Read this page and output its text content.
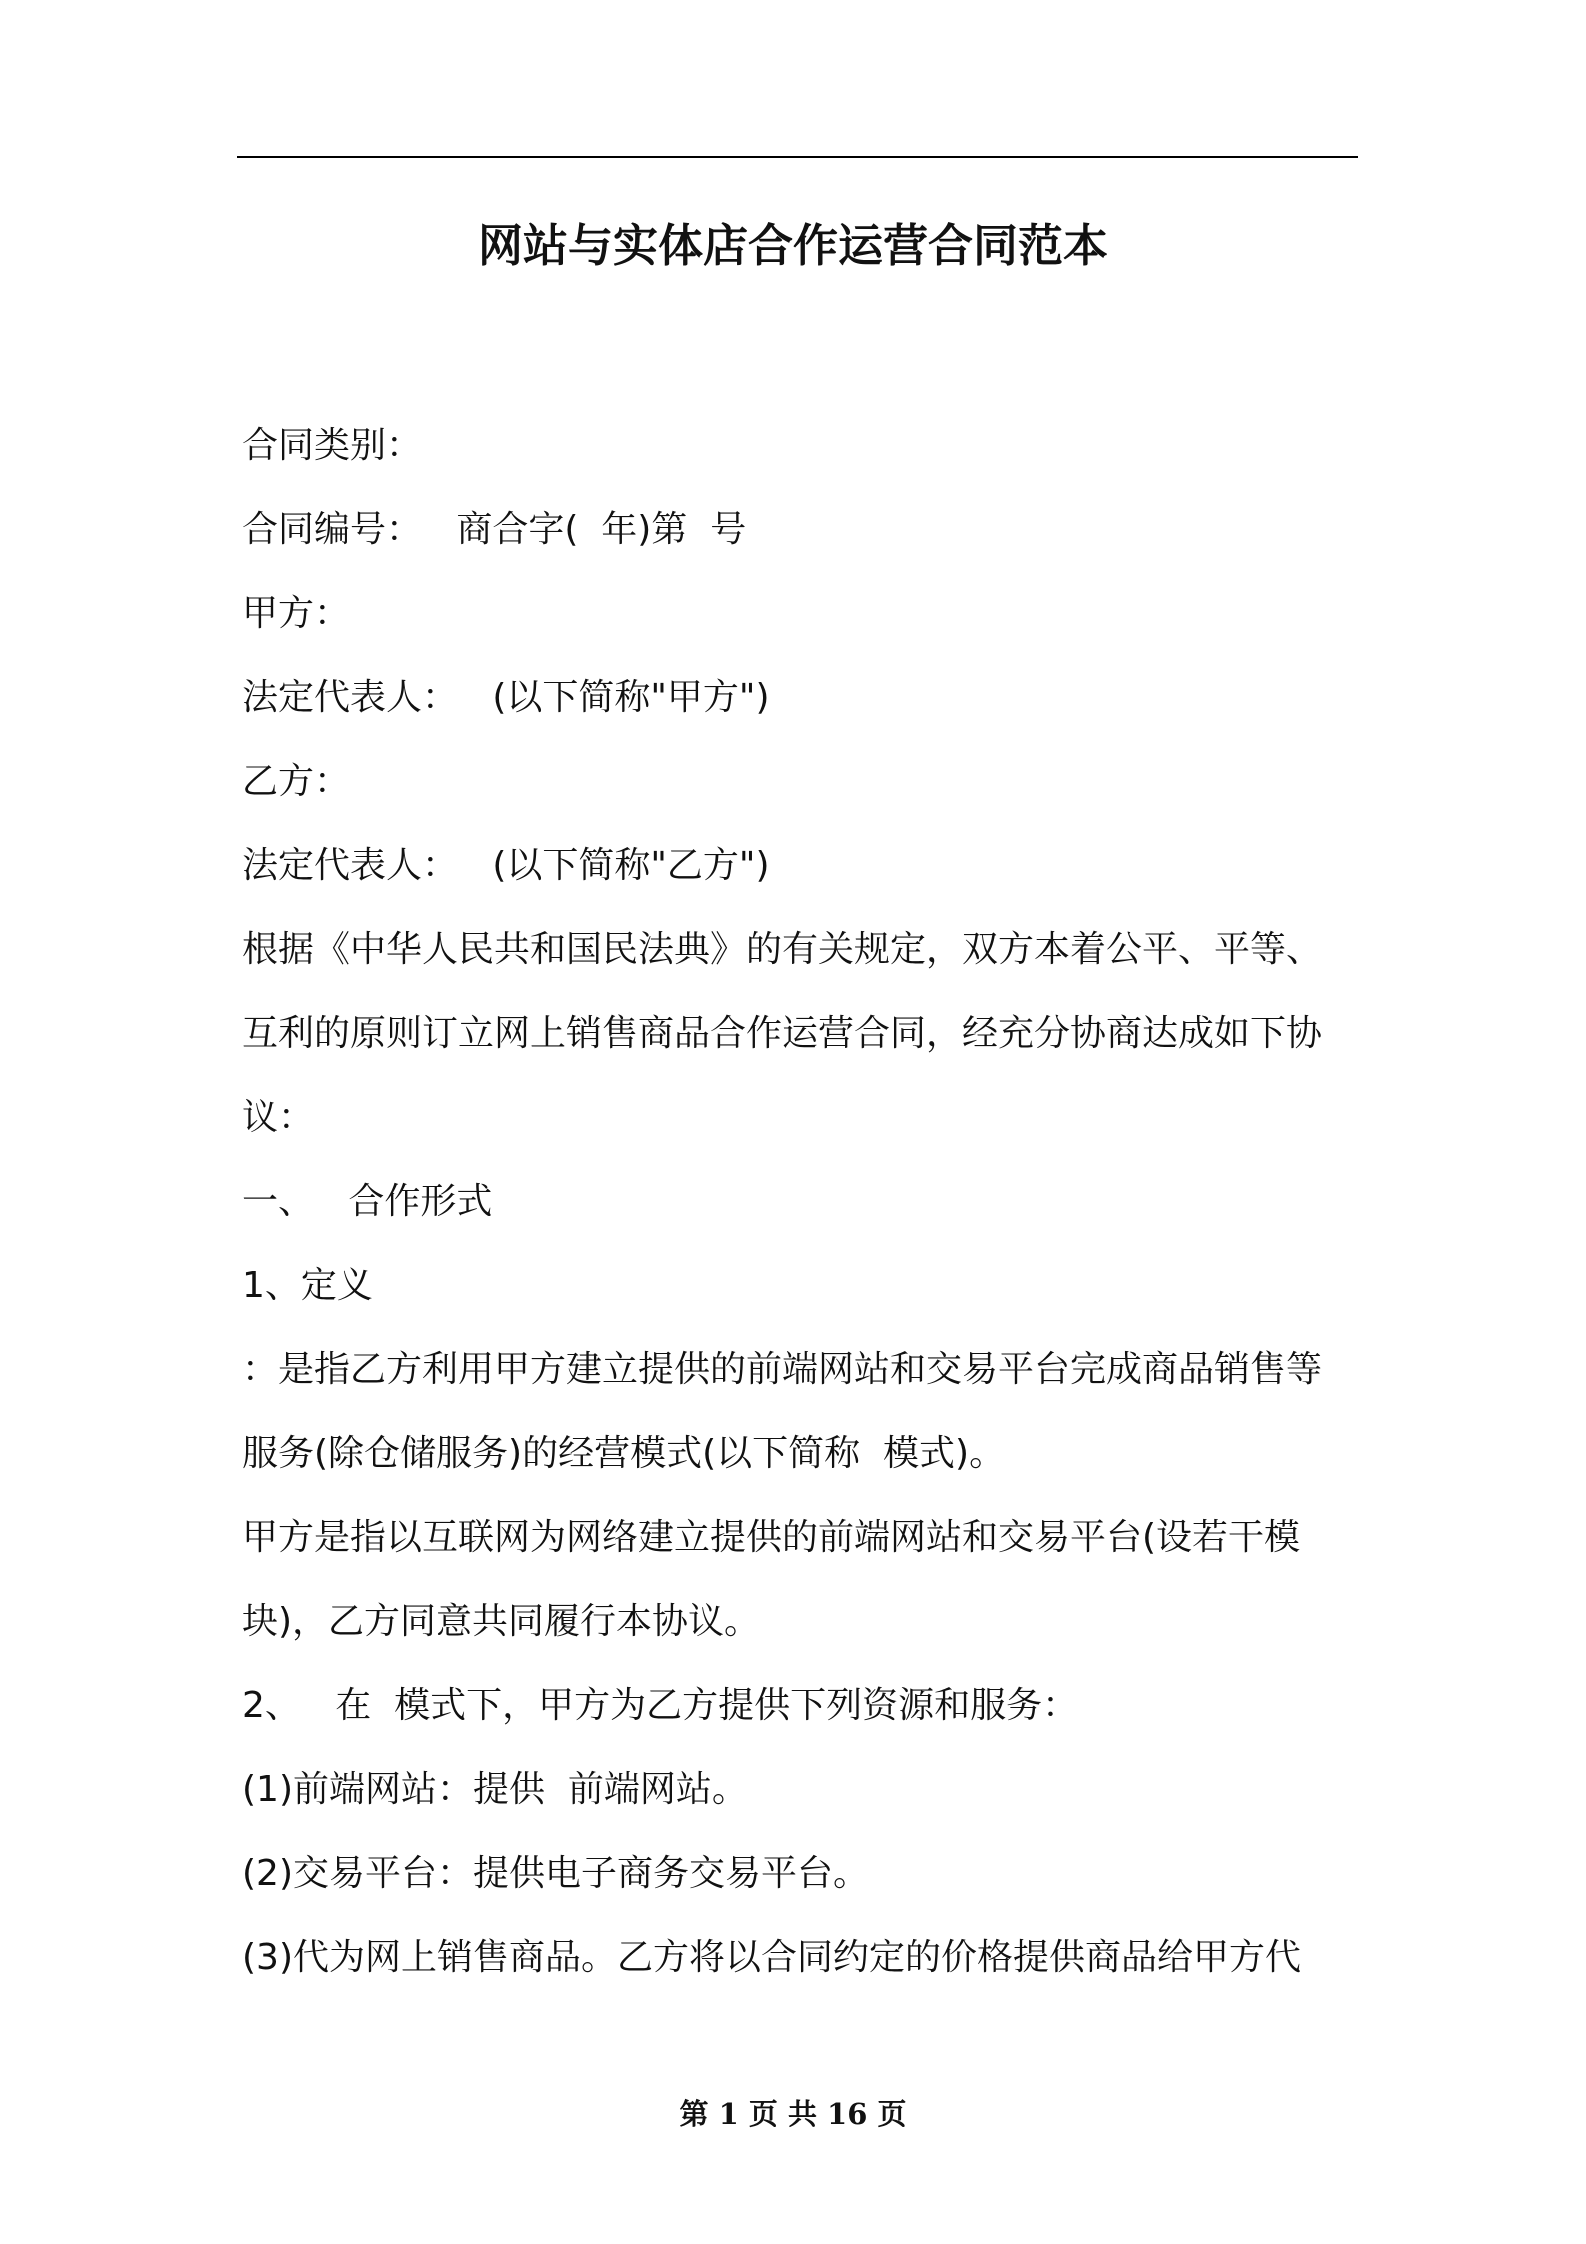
网站与实体店合作运营合同范本
合同类别：
合同编号：   商合字(  年)第  号
甲方：
法定代表人：   (以下简称"甲方")
乙方：
法定代表人：   (以下简称"乙方")
根据《中华人民共和国民法典》的有关规定，双方本着公平、平等、
互利的原则订立网上销售商品合作运营合同，经充分协商达成如下协
议：
一、   合作形式
1、定义
：是指乙方利用甲方建立提供的前端网站和交易平台完成商品销售等
服务(除仓储服务)的经营模式(以下简称  模式)。
甲方是指以互联网为网络建立提供的前端网站和交易平台(设若干模
块)，乙方同意共同履行本协议。
2、   在  模式下，甲方为乙方提供下列资源和服务：
(1)前端网站：提供  前端网站。
(2)交易平台：提供电子商务交易平台。
(3)代为网上销售商品。乙方将以合同约定的价格提供商品给甲方代
第 1 页 共 16 页
